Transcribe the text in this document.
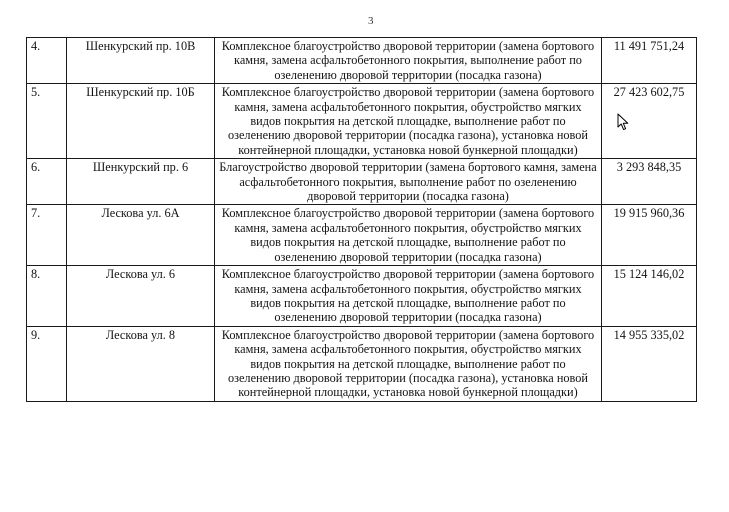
3
4.	Шенкурский пр. 10В	Комплексное благоустройство дворовой территории (замена бортового камня, замена асфальтобетонного покрытия, выполнение работ по озеленению дворовой территории (посадка газона)	11 491 751,24
5.	Шенкурский пр. 10Б	Комплексное благоустройство дворовой территории (замена бортового камня, замена асфальтобетонного покрытия, обустройство мягких видов покрытия на детской площадке, выполнение работ по озеленению дворовой территории (посадка газона), установка новой контейнерной площадки, установка новой бункерной площадки)	27 423 602,75
6.	Шенкурский пр. 6	Благоустройство дворовой территории (замена бортового камня, замена асфальтобетонного покрытия, выполнение работ по озеленению дворовой территории (посадка газона)	3 293 848,35
7.	Лескова ул. 6А	Комплексное благоустройство дворовой территории (замена бортового камня, замена асфальтобетонного покрытия, обустройство мягких видов покрытия на детской площадке, выполнение работ по озеленению дворовой территории (посадка газона)	19 915 960,36
8.	Лескова ул. 6	Комплексное благоустройство дворовой территории (замена бортового камня, замена асфальтобетонного покрытия, обустройство мягких видов покрытия на детской площадке, выполнение работ по озеленению дворовой территории (посадка газона)	15 124 146,02
9.	Лескова ул. 8	Комплексное благоустройство дворовой территории (замена бортового камня, замена асфальтобетонного покрытия, обустройство мягких видов покрытия на детской площадке, выполнение работ по озеленению дворовой территории (посадка газона), установка новой контейнерной площадки, установка новой бункерной площадки)	14 955 335,02
